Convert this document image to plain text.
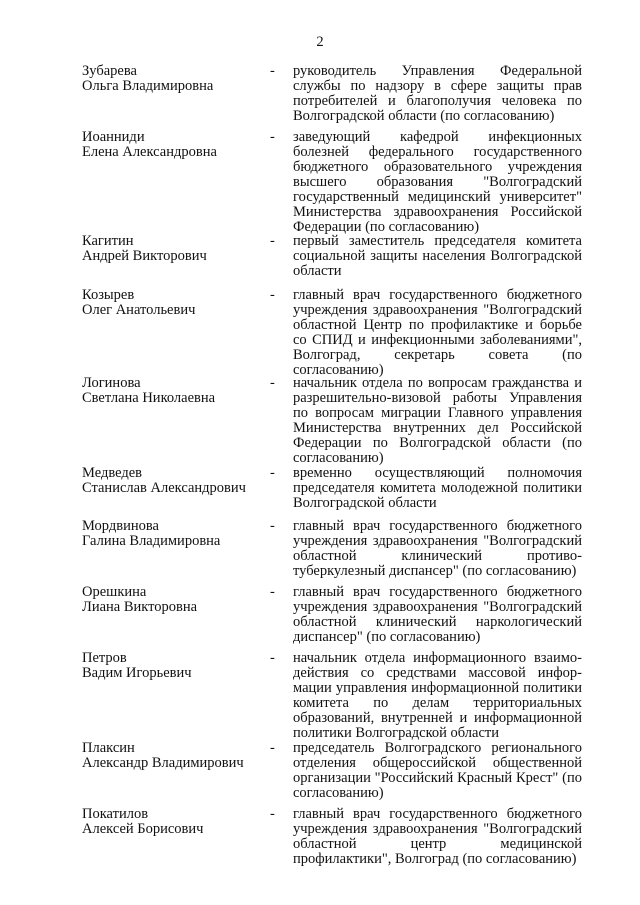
2
Зубарева
Ольга Владимировна
-	руководитель Управления Федеральной службы по надзору в сфере защиты прав потребителей и благополучия человека по Волгоградской области (по согласованию)
Иоанниди
Елена Александровна
-	заведующий кафедрой инфекционных болезней федерального государственного бюджетного образовательного учреждения высшего образования "Волгоградский государственный медицинский университет" Министерства здравоохранения Российской Федерации (по согласованию)
Кагитин
Андрей Викторович
-	первый заместитель председателя комитета социальной защиты населения Волгоградской области
Козырев
Олег Анатольевич
-	главный врач государственного бюджетного учреждения здравоохранения "Волгоградский областной Центр по профилактике и борьбе со СПИД и инфекционными заболеваниями", Волгоград, секретарь совета (по согласованию)
Логинова
Светлана Николаевна
-	начальник отдела по вопросам гражданства и разрешительно-визовой работы Управления по вопросам миграции Главного управления Министерства внутренних дел Российской Федерации по Волгоградской области (по согласованию)
Медведев
Станислав Александрович
-	временно осуществляющий полномочия председателя комитета молодежной политики Волгоградской области
Мордвинова
Галина Владимировна
-	главный врач государственного бюджетного учреждения здравоохранения "Волгоградский областной клинический противотуберкулезный диспансер" (по согласованию)
Орешкина
Лиана Викторовна
-	главный врач государственного бюджетного учреждения здравоохранения "Волгоградский областной клинический наркологический диспансер" (по согласованию)
Петров
Вадим Игорьевич
-	начальник отдела информационного взаимодействия со средствами массовой информации управления информационной политики комитета по делам территориальных образований, внутренней и информационной политики Волгоградской области
Плаксин
Александр Владимирович
-	председатель Волгоградского регионального отделения общероссийской общественной организации "Российский Красный Крест" (по согласованию)
Покатилов
Алексей Борисович
-	главный врач государственного бюджетного учреждения здравоохранения "Волгоградский областной центр медицинской профилактики", Волгоград (по согласованию)
